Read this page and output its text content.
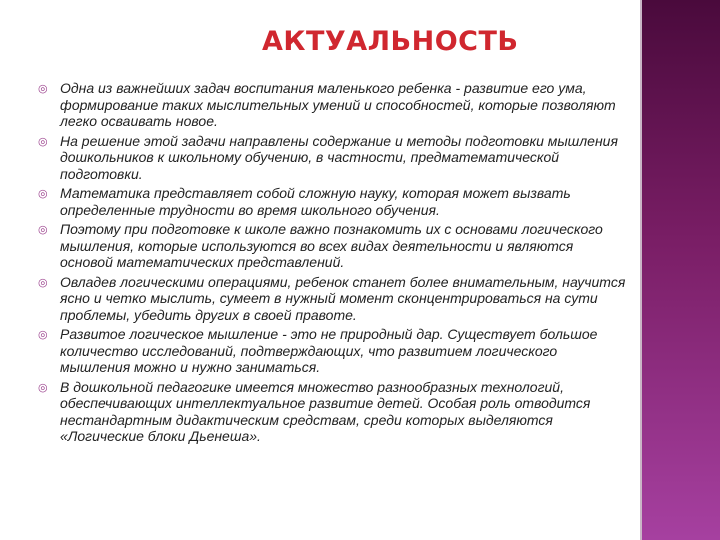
АКТУАЛЬНОСТЬ
◎ Одна из важнейших задач воспитания маленького ребенка - развитие его ума, формирование таких мыслительных умений и способностей, которые позволяют легко осваивать новое.
◎ На решение этой задачи направлены содержание и методы подготовки мышления дошкольников к школьному обучению, в частности, предматематической подготовки.
◎ Математика представляет собой сложную науку, которая может вызвать определенные трудности во время школьного обучения.
◎ Поэтому при подготовке к школе важно познакомить их с основами логического мышления, которые используются во всех видах деятельности и являются основой математических представлений.
◎ Овладев логическими операциями, ребенок станет более внимательным, научится ясно и четко мыслить, сумеет в нужный момент сконцентрироваться на сути проблемы, убедить других в своей правоте.
◎ Развитое логическое мышление - это не природный дар. Существует большое количество исследований, подтверждающих, что развитием логического мышления можно и нужно заниматься.
◎ В дошкольной педагогике имеется множество разнообразных технологий, обеспечивающих интеллектуальное развитие детей. Особая роль отводится нестандартным дидактическим средствам, среди которых выделяются «Логические блоки Дьенеша».
